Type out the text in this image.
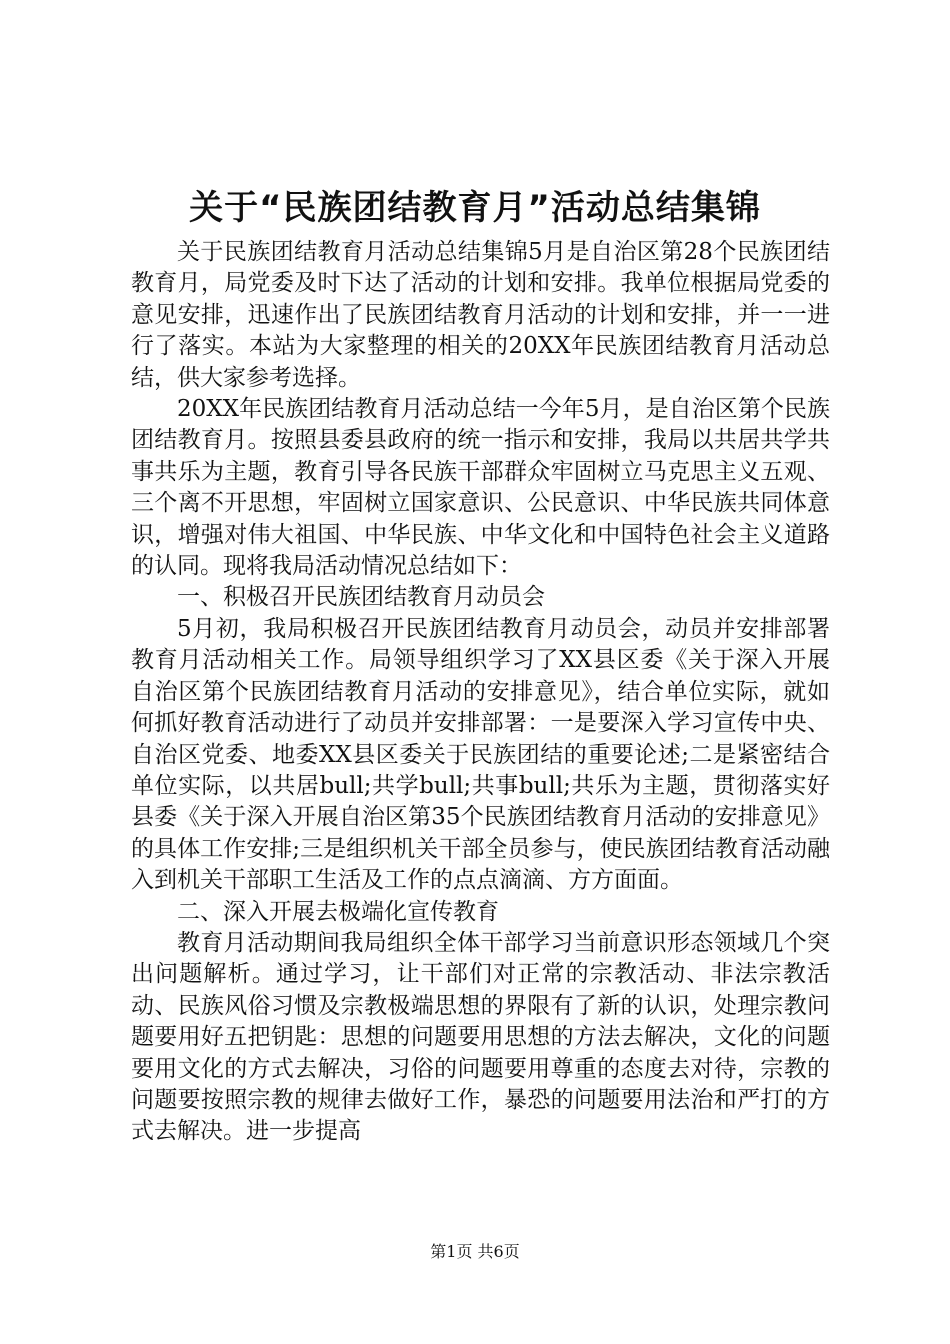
关于“民族团结教育月”活动总结集锦

关于民族团结教育月活动总结集锦5月是自治区第28个民族团结教育月，局党委及时下达了活动的计划和安排。我单位根据局党委的意见安排，迅速作出了民族团结教育月活动的计划和安排，并一一进行了落实。本站为大家整理的相关的20XX年民族团结教育月活动总结，供大家参考选择。

20XX年民族团结教育月活动总结一今年5月，是自治区第个民族团结教育月。按照县委县政府的统一指示和安排，我局以共居共学共事共乐为主题，教育引导各民族干部群众牢固树立马克思主义五观、三个离不开思想，牢固树立国家意识、公民意识、中华民族共同体意识，增强对伟大祖国、中华民族、中华文化和中国特色社会主义道路的认同。现将我局活动情况总结如下：

一、积极召开民族团结教育月动员会

5月初，我局积极召开民族团结教育月动员会，动员并安排部署教育月活动相关工作。局领导组织学习了XX县区委《关于深入开展自治区第个民族团结教育月活动的安排意见》，结合单位实际，就如何抓好教育活动进行了动员并安排部署：一是要深入学习宣传中央、自治区党委、地委XX县区委关于民族团结的重要论述;二是紧密结合单位实际，以共居bull;共学bull;共事bull;共乐为主题，贯彻落实好县委《关于深入开展自治区第35个民族团结教育月活动的安排意见》的具体工作安排;三是组织机关干部全员参与，使民族团结教育活动融入到机关干部职工生活及工作的点点滴滴、方方面面。

二、深入开展去极端化宣传教育

教育月活动期间我局组织全体干部学习当前意识形态领域几个突出问题解析。通过学习，让干部们对正常的宗教活动、非法宗教活动、民族风俗习惯及宗教极端思想的界限有了新的认识，处理宗教问题要用好五把钥匙：思想的问题要用思想的方法去解决，文化的问题要用文化的方式去解决，习俗的问题要用尊重的态度去对待，宗教的问题要按照宗教的规律去做好工作，暴恐的问题要用法治和严打的方式去解决。进一步提高

第1页 共6页
